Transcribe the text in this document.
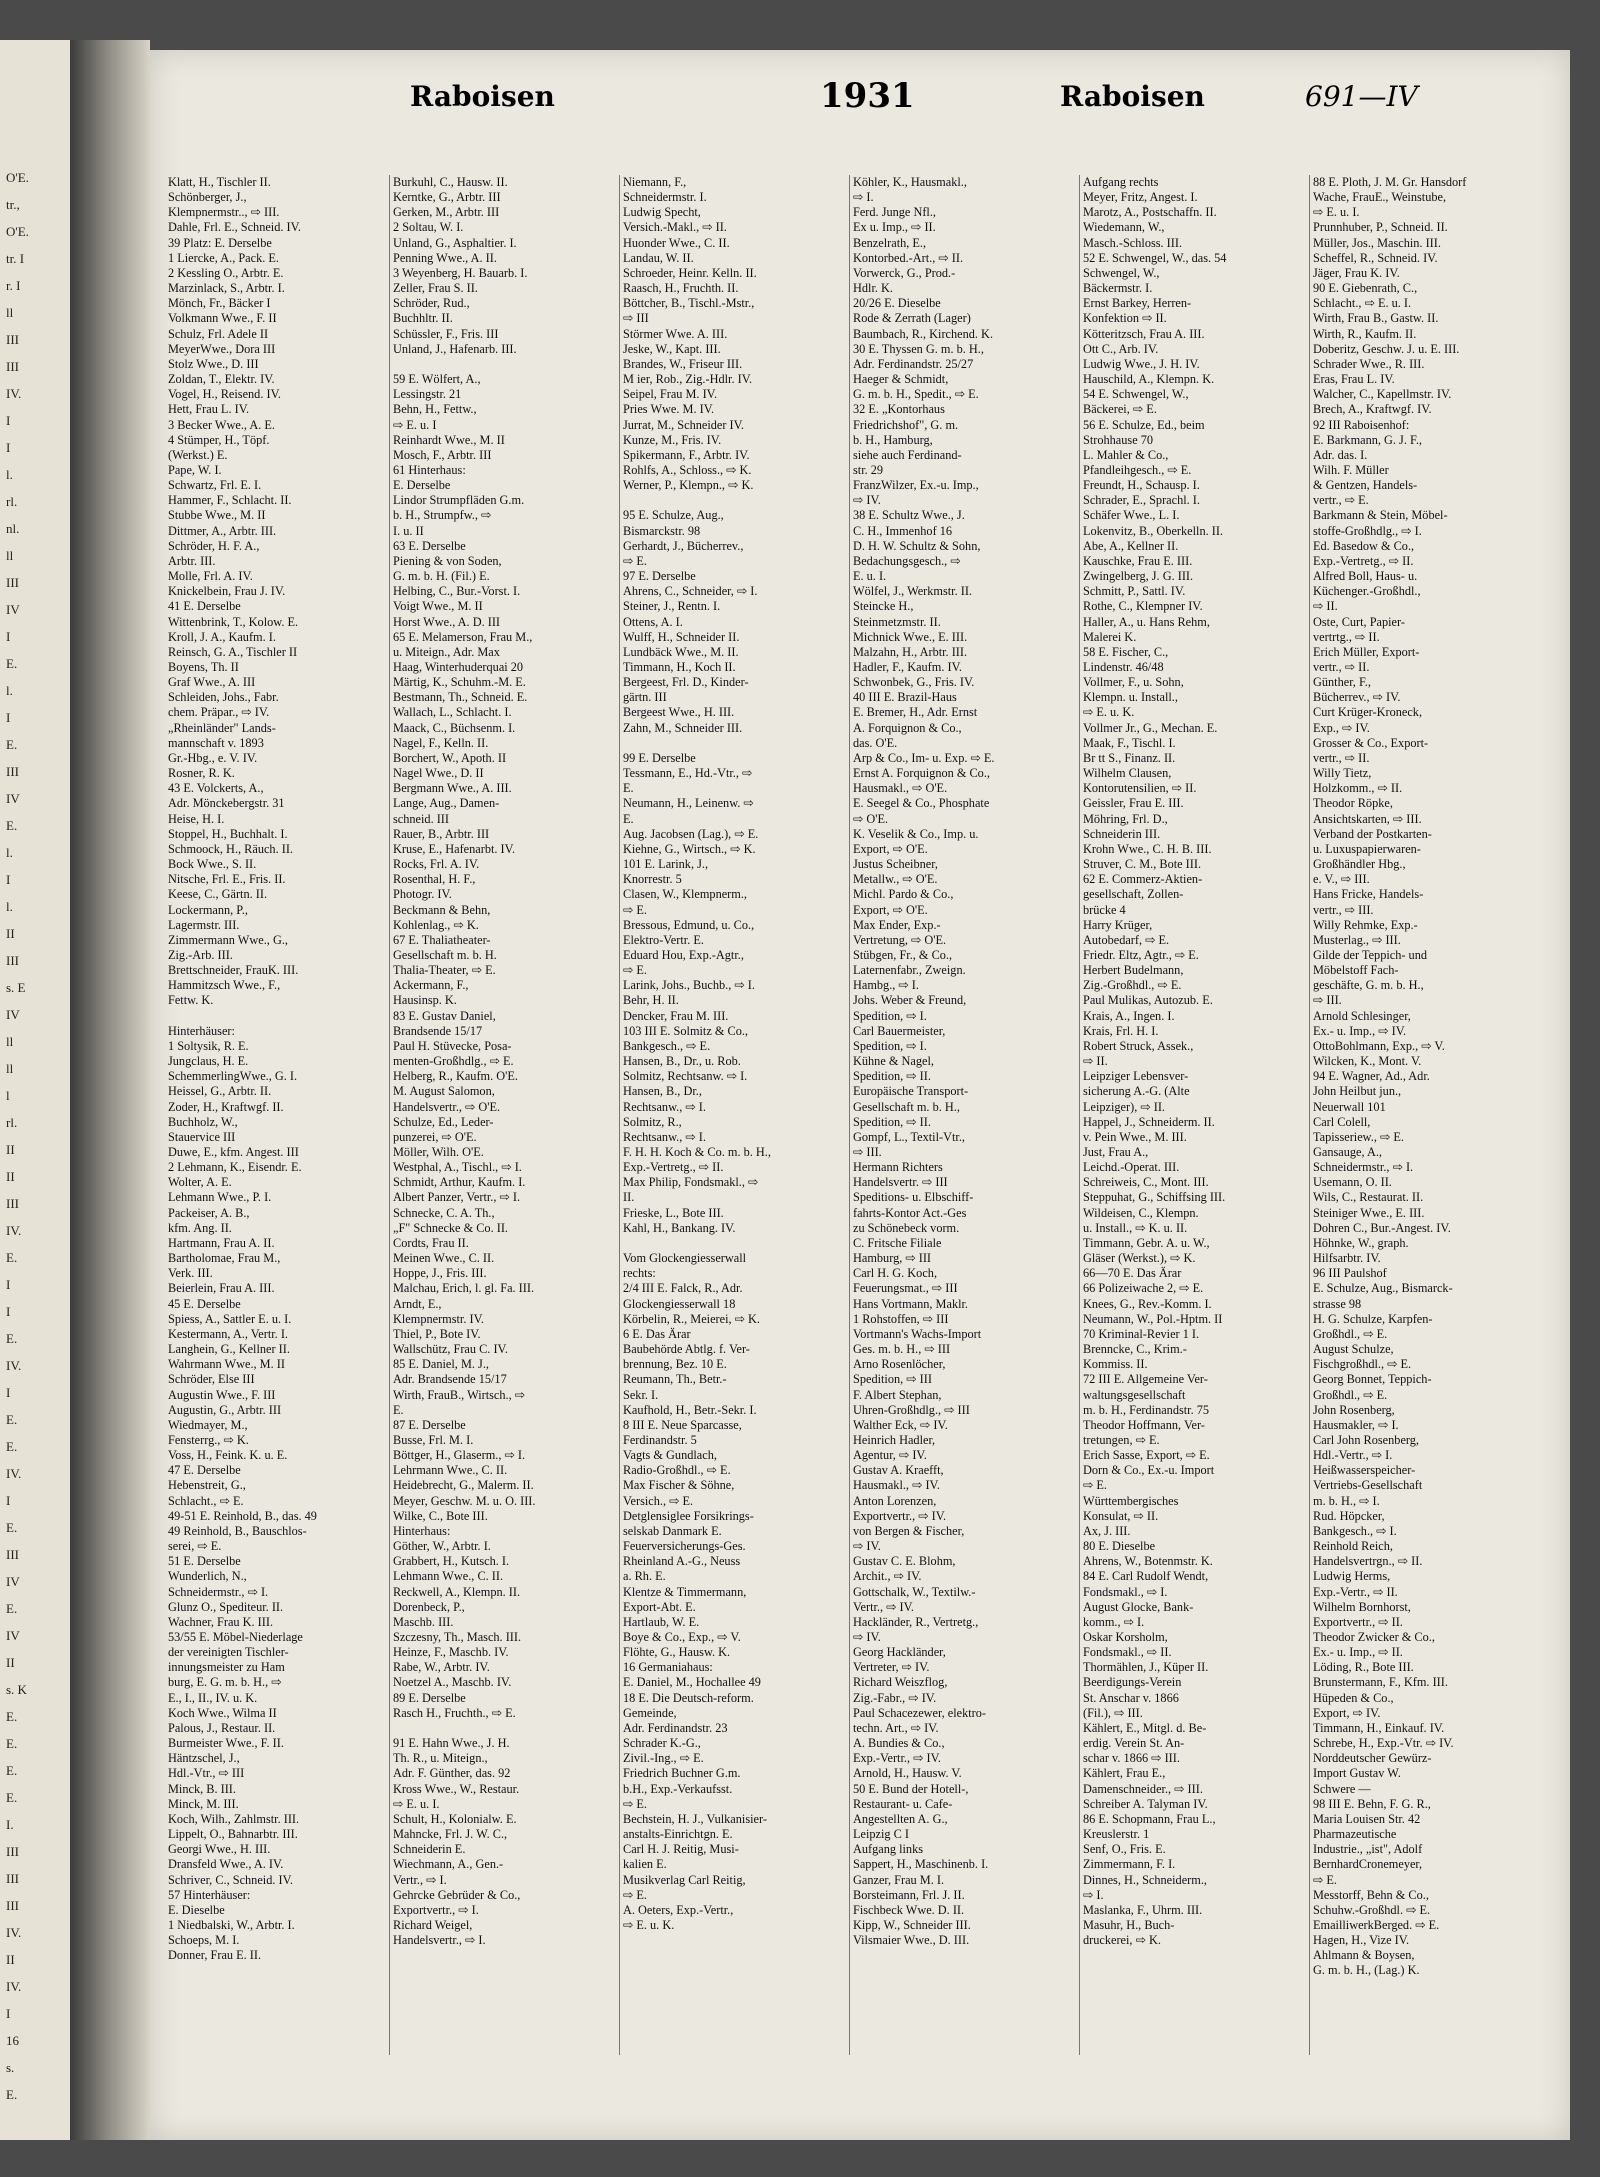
O'E.
tr.,
O'E.
tr. I
r. I
ll
III
III
IV.
I
I
l.
rl.
nl.
ll
III
IV
I
E.
l.
I
E.
III
IV
E.
l.
I
l.
II
III
s. E
IV
ll
ll
l
rl.
II
II
III
IV.
E.
I
I
E.
IV.
I
E.
E.
IV.
I
E.
III
IV
E.
IV
II
s. K
E.
E.
E.
E.
I.
III
III
III
IV.
II
IV.
I
16
s.
E.
Raboisen	1931	Raboisen	691—IV
Klatt, H., Tischler II.
Schönberger, J.,
Klempnermstr.., ⇨ III.
Dahle, Frl. E., Schneid. IV.
39 Platz: E. Derselbe
1 Liercke, A., Pack. E.
2 Kessling O., Arbtr. E.
Marzinlack, S., Arbtr. I.
Mönch, Fr., Bäcker I
Volkmann Wwe., F. II
Schulz, Frl. Adele II
MeyerWwe., Dora III
Stolz Wwe., D. III
Zoldan, T., Elektr. IV.
Vogel, H., Reisend. IV.
Hett, Frau L. IV.
3 Becker Wwe., A. E.
4 Stümper, H., Töpf.
(Werkst.) E.
Pape, W. I.
Schwartz, Frl. E. I.
Hammer, F., Schlacht. II.
Stubbe Wwe., M. II
Dittmer, A., Arbtr. III.
Schröder, H. F. A.,
Arbtr. III.
Molle, Frl. A. IV.
Knickelbein, Frau J. IV.
41 E. Derselbe
Wittenbrink, T., Kolow. E.
Kroll, J. A., Kaufm. I.
Reinsch, G. A., Tischler II
Boyens, Th. II
Graf Wwe., A. III
Schleiden, Johs., Fabr.
chem. Präpar., ⇨ IV.
„Rheinländer" Lands-
mannschaft v. 1893
Gr.-Hbg., e. V. IV.
Rosner, R. K.
43 E. Volckerts, A.,
Adr. Mönckebergstr. 31
Heise, H. I.
Stoppel, H., Buchhalt. I.
Schmoock, H., Räuch. II.
Bock Wwe., S. II.
Nitsche, Frl. E., Fris. II.
Keese, C., Gärtn. II.
Lockermann, P.,
Lagermstr. III.
Zimmermann Wwe., G.,
Zig.-Arb. III.
Brettschneider, FrauK. III.
Hammitzsch Wwe., F.,
Fettw. K.

Hinterhäuser:
1 Soltysik, R. E.
Jungclaus, H. E.
SchemmerlingWwe., G. I.
Heissel, G., Arbtr. II.
Zoder, H., Kraftwgf. II.
Buchholz, W.,
Stauervice III
Duwe, E., kfm. Angest. III
2 Lehmann, K., Eisendr. E.
Wolter, A. E.
Lehmann Wwe., P. I.
Packeiser, A. B.,
kfm. Ang. II.
Hartmann, Frau A. II.
Bartholomae, Frau M.,
Verk. III.
Beierlein, Frau A. III.
45 E. Derselbe
Spiess, A., Sattler E. u. I.
Kestermann, A., Vertr. I.
Langhein, G., Kellner II.
Wahrmann Wwe., M. II
Schröder, Else III
Augustin Wwe., F. III
Augustin, G., Arbtr. III
Wiedmayer, M.,
Fensterrg., ⇨ K.
Voss, H., Feink. K. u. E.
47 E. Derselbe
Hebenstreit, G.,
Schlacht., ⇨ E.
49-51 E. Reinhold, B., das. 49
49 Reinhold, B., Bauschlos-
serei, ⇨ E.
51 E. Derselbe
Wunderlich, N.,
Schneidermstr., ⇨ I.
Glunz O., Spediteur. II.
Wachner, Frau K. III.
53/55 E. Möbel-Niederlage
der vereinigten Tischler-
innungsmeister zu Ham
burg, E. G. m. b. H., ⇨
E., I., II., IV. u. K.
Koch Wwe., Wilma II
Palous, J., Restaur. II.
Burmeister Wwe., F. II.
Häntzschel, J.,
Hdl.-Vtr., ⇨ III
Minck, B. III.
Minck, M. III.
Koch, Wilh., Zahlmstr. III.
Lippelt, O., Bahnarbtr. III.
Georgi Wwe., H. III.
Dransfeld Wwe., A. IV.
Schriver, C., Schneid. IV.
57 Hinterhäuser:
E. Dieselbe
1 Niedbalski, W., Arbtr. I.
Schoeps, M. I.
Donner, Frau E. II.
Burkuhl, C., Hausw. II.
Kerntke, G., Arbtr. III
Gerken, M., Arbtr. III
2 Soltau, W. I.
Unland, G., Asphaltier. I.
Penning Wwe., A. II.
3 Weyenberg, H. Bauarb. I.
Zeller, Frau S. II.
Schröder, Rud.,
Buchhltr. II.
Schüssler, F., Fris. III
Unland, J., Hafenarb. III.

59 E. Wölfert, A.,
Lessingstr. 21
Behn, H., Fettw.,
⇨ E. u. I
Reinhardt Wwe., M. II
Mosch, F., Arbtr. III
61 Hinterhaus:
E. Derselbe
Lindor Strumpfläden G.m.
b. H., Strumpfw., ⇨
I. u. II
63 E. Derselbe
Piening & von Soden,
G. m. b. H. (Fil.) E.
Helbing, C., Bur.-Vorst. I.
Voigt Wwe., M. II
Horst Wwe., A. D. III
65 E. Melamerson, Frau M.,
u. Miteign., Adr. Max
Haag, Winterhuderquai 20
Märtig, K., Schuhm.-M. E.
Bestmann, Th., Schneid. E.
Wallach, L., Schlacht. I.
Maack, C., Büchsenm. I.
Nagel, F., Kelln. II.
Borchert, W., Apoth. II
Nagel Wwe., D. II
Bergmann Wwe., A. III.
Lange, Aug., Damen-
schneid. III
Rauer, B., Arbtr. III
Kruse, E., Hafenarbt. IV.
Rocks, Frl. A. IV.
Rosenthal, H. F.,
Photogr. IV.
Beckmann & Behn,
Kohlenlag., ⇨ K.
67 E. Thaliatheater-
Gesellschaft m. b. H.
Thalia-Theater, ⇨ E.
Ackermann, F.,
Hausinsp. K.
83 E. Gustav Daniel,
Brandsende 15/17
Paul H. Stüvecke, Posa-
menten-Großhdlg., ⇨ E.
Helberg, R., Kaufm. O'E.
M. August Salomon,
Handelsvertr., ⇨ O'E.
Schulze, Ed., Leder-
punzerei, ⇨ O'E.
Möller, Wilh. O'E.
Westphal, A., Tischl., ⇨ I.
Schmidt, Arthur, Kaufm. I.
Albert Panzer, Vertr., ⇨ I.
Schnecke, C. A. Th.,
„F" Schnecke & Co. II.
Cordts, Frau II.
Meinen Wwe., C. II.
Hoppe, J., Fris. III.
Malchau, Erich, l. gl. Fa. III.
Arndt, E.,
Klempnermstr. IV.
Thiel, P., Bote IV.
Wallschütz, Frau C. IV.
85 E. Daniel, M. J.,
Adr. Brandsende 15/17
Wirth, FrauB., Wirtsch., ⇨
E.
87 E. Derselbe
Busse, Frl. M. I.
Böttger, H., Glaserm., ⇨ I.
Lehrmann Wwe., C. II.
Heidebrecht, G., Malerm. II.
Meyer, Geschw. M. u. O. III.
Wilke, C., Bote III.
Hinterhaus:
Göther, W., Arbtr. I.
Grabbert, H., Kutsch. I.
Lehmann Wwe., C. II.
Reckwell, A., Klempn. II.
Dorenbeck, P.,
Maschb. III.
Szczesny, Th., Masch. III.
Heinze, F., Maschb. IV.
Rabe, W., Arbtr. IV.
Noetzel A., Maschb. IV.
89 E. Derselbe
Rasch H., Fruchth., ⇨ E.

91 E. Hahn Wwe., J. H.
Th. R., u. Miteign.,
Adr. F. Günther, das. 92
Kross Wwe., W., Restaur.
⇨ E. u. I.
Schult, H., Kolonialw. E.
Mahncke, Frl. J. W. C.,
Schneiderin E.
Wiechmann, A., Gen.-
Vertr., ⇨ I.
Gehrcke Gebrüder & Co.,
Exportvertr., ⇨ I.
Richard Weigel,
Handelsvertr., ⇨ I.
Niemann, F.,
Schneidermstr. I.
Ludwig Specht,
Versich.-Makl., ⇨ II.
Huonder Wwe., C. II.
Landau, W. II.
Schroeder, Heinr. Kelln. II.
Raasch, H., Fruchth. II.
Böttcher, B., Tischl.-Mstr.,
⇨ III
Störmer Wwe. A. III.
Jeske, W., Kapt. III.
Brandes, W., Friseur III.
M ier, Rob., Zig.-Hdlr. IV.
Seipel, Frau M. IV.
Pries Wwe. M. IV.
Jurrat, M., Schneider IV.
Kunze, M., Fris. IV.
Spikermann, F., Arbtr. IV.
Rohlfs, A., Schloss., ⇨ K.
Werner, P., Klempn., ⇨ K.

95 E. Schulze, Aug.,
Bismarckstr. 98
Gerhardt, J., Bücherrev.,
⇨ E.
97 E. Derselbe
Ahrens, C., Schneider, ⇨ I.
Steiner, J., Rentn. I.
Ottens, A. I.
Wulff, H., Schneider II.
Lundbäck Wwe., M. II.
Timmann, H., Koch II.
Bergeest, Frl. D., Kinder-
gärtn. III
Bergeest Wwe., H. III.
Zahn, M., Schneider III.

99 E. Derselbe
Tessmann, E., Hd.-Vtr., ⇨
E.
Neumann, H., Leinenw. ⇨
E.
Aug. Jacobsen (Lag.), ⇨ E.
Kiehne, G., Wirtsch., ⇨ K.
101 E. Larink, J.,
Knorrestr. 5
Clasen, W., Klempnerm.,
⇨ E.
Bressous, Edmund, u. Co.,
Elektro-Vertr. E.
Eduard Hou, Exp.-Agtr.,
⇨ E.
Larink, Johs., Buchb., ⇨ I.
Behr, H. II.
Dencker, Frau M. III.
103 III E. Solmitz & Co.,
Bankgesch., ⇨ E.
Hansen, B., Dr., u. Rob.
Solmitz, Rechtsanw. ⇨ I.
Hansen, B., Dr.,
Rechtsanw., ⇨ I.
Solmitz, R.,
Rechtsanw., ⇨ I.
F. H. H. Koch & Co. m. b. H.,
Exp.-Vertretg., ⇨ II.
Max Philip, Fondsmakl., ⇨
II.
Frieske, L., Bote III.
Kahl, H., Bankang. IV.

Vom Glockengiesserwall
rechts:
2/4 III E. Falck, R., Adr.
Glockengiesserwall 18
Körbelin, R., Meierei, ⇨ K.
6 E. Das Ärar
Baubehörde Abtlg. f. Ver-
brennung, Bez. 10 E.
Reumann, Th., Betr.-
Sekr. I.
Kaufhold, H., Betr.-Sekr. I.
8 III E. Neue Sparcasse,
Ferdinandstr. 5
Vagts & Gundlach,
Radio-Großhdl., ⇨ E.
Max Fischer & Söhne,
Versich., ⇨ E.
Detglensiglee Forsikrings-
selskab Danmark E.
Feuerversicherungs-Ges.
Rheinland A.-G., Neuss
a. Rh. E.
Klentze & Timmermann,
Export-Abt. E.
Hartlaub, W. E.
Boye & Co., Exp., ⇨ V.
Flöhte, G., Hausw. K.
16 Germaniahaus:
E. Daniel, M., Hochallee 49
18 E. Die Deutsch-reform.
Gemeinde,
Adr. Ferdinandstr. 23
Schrader K.-G.,
Zivil.-Ing., ⇨ E.
Friedrich Buchner G.m.
b.H., Exp.-Verkaufsst.
⇨ E.
Bechstein, H. J., Vulkanisier-
anstalts-Einrichtgn. E.
Carl H. J. Reitig, Musi-
kalien E.
Musikverlag Carl Reitig,
⇨ E.
A. Oeters, Exp.-Vertr.,
⇨ E. u. K.
Köhler, K., Hausmakl.,
⇨ I.
Ferd. Junge Nfl.,
Ex u. Imp., ⇨ II.
Benzelrath, E.,
Kontorbed.-Art., ⇨ II.
Vorwerck, G., Prod.-
Hdlr. K.
20/26 E. Dieselbe
Rode & Zerrath (Lager)
Baumbach, R., Kirchend. K.
30 E. Thyssen G. m. b. H.,
Adr. Ferdinandstr. 25/27
Haeger & Schmidt,
G. m. b. H., Spedit., ⇨ E.
32 E. „Kontorhaus
Friedrichshof", G. m.
b. H., Hamburg,
siehe auch Ferdinand-
str. 29
FranzWilzer, Ex.-u. Imp.,
⇨ IV.
38 E. Schultz Wwe., J.
C. H., Immenhof 16
D. H. W. Schultz & Sohn,
Bedachungsgesch., ⇨
E. u. I.
Wölfel, J., Werkmstr. II.
Steincke H.,
Steinmetzmstr. II.
Michnick Wwe., E. III.
Malzahn, H., Arbtr. III.
Hadler, F., Kaufm. IV.
Schwonbek, G., Fris. IV.
40 III E. Brazil-Haus
E. Bremer, H., Adr. Ernst
A. Forquignon & Co.,
das. O'E.
Arp & Co., Im- u. Exp. ⇨ E.
Ernst A. Forquignon & Co.,
Hausmakl., ⇨ O'E.
E. Seegel & Co., Phosphate
⇨ O'E.
K. Veselik & Co., Imp. u.
Export, ⇨ O'E.
Justus Scheibner,
Metallw., ⇨ O'E.
Michl. Pardo & Co.,
Export, ⇨ O'E.
Max Ender, Exp.-
Vertretung, ⇨ O'E.
Stübgen, Fr., & Co.,
Laternenfabr., Zweign.
Hambg., ⇨ I.
Johs. Weber & Freund,
Spedition, ⇨ I.
Carl Bauermeister,
Spedition, ⇨ I.
Kühne & Nagel,
Spedition, ⇨ II.
Europäische Transport-
Gesellschaft m. b. H.,
Spedition, ⇨ II.
Gompf, L., Textil-Vtr.,
⇨ III.
Hermann Richters
Handelsvertr. ⇨ III
Speditions- u. Elbschiff-
fahrts-Kontor Act.-Ges
zu Schönebeck vorm.
C. Fritsche Filiale
Hamburg, ⇨ III
Carl H. G. Koch,
Feuerungsmat., ⇨ III
Hans Vortmann, Maklr.
1 Rohstoffen, ⇨ III
Vortmann's Wachs-Import
Ges. m. b. H., ⇨ III
Arno Rosenlöcher,
Spedition, ⇨ III
F. Albert Stephan,
Uhren-Großhdlg., ⇨ III
Walther Eck, ⇨ IV.
Heinrich Hadler,
Agentur, ⇨ IV.
Gustav A. Kraefft,
Hausmakl., ⇨ IV.
Anton Lorenzen,
Exportvertr., ⇨ IV.
von Bergen & Fischer,
⇨ IV.
Gustav C. E. Blohm,
Archit., ⇨ IV.
Gottschalk, W., Textilw.-
Vertr., ⇨ IV.
Hackländer, R., Vertretg.,
⇨ IV.
Georg Hackländer,
Vertreter, ⇨ IV.
Richard Weiszflog,
Zig.-Fabr., ⇨ IV.
Paul Schacezewer, elektro-
techn. Art., ⇨ IV.
A. Bundies & Co.,
Exp.-Vertr., ⇨ IV.
Arnold, H., Hausw. V.
50 E. Bund der Hotell-,
Restaurant- u. Cafe-
Angestellten A. G.,
Leipzig C I
Aufgang links
Sappert, H., Maschinenb. I.
Ganzer, Frau M. I.
Borsteimann, Frl. J. II.
Fischbeck Wwe. D. II.
Kipp, W., Schneider III.
Vilsmaier Wwe., D. III.
Aufgang rechts
Meyer, Fritz, Angest. I.
Marotz, A., Postschaffn. II.
Wiedemann, W.,
Masch.-Schloss. III.
52 E. Schwengel, W., das. 54
Schwengel, W.,
Bäckermstr. I.
Ernst Barkey, Herren-
Konfektion ⇨ II.
Kötteritzsch, Frau A. III.
Ott C., Arb. IV.
Ludwig Wwe., J. H. IV.
Hauschild, A., Klempn. K.
54 E. Schwengel, W.,
Bäckerei, ⇨ E.
56 E. Schulze, Ed., beim
Strohhause 70
L. Mahler & Co.,
Pfandleihgesch., ⇨ E.
Freundt, H., Schausp. I.
Schrader, E., Sprachl. I.
Schäfer Wwe., L. I.
Lokenvitz, B., Oberkelln. II.
Abe, A., Kellner II.
Kauschke, Frau E. III.
Zwingelberg, J. G. III.
Schmitt, P., Sattl. IV.
Rothe, C., Klempner IV.
Haller, A., u. Hans Rehm,
Malerei K.
58 E. Fischer, C.,
Lindenstr. 46/48
Vollmer, F., u. Sohn,
Klempn. u. Install.,
⇨ E. u. K.
Vollmer Jr., G., Mechan. E.
Maak, F., Tischl. I.
Br tt S., Finanz. II.
Wilhelm Clausen,
Kontorutensilien, ⇨ II.
Geissler, Frau E. III.
Möhring, Frl. D.,
Schneiderin III.
Krohn Wwe., C. H. B. III.
Struver, C. M., Bote III.
62 E. Commerz-Aktien-
gesellschaft, Zollen-
brücke 4
Harry Krüger,
Autobedarf, ⇨ E.
Friedr. Eltz, Agtr., ⇨ E.
Herbert Budelmann,
Zig.-Großhdl., ⇨ E.
Paul Mulikas, Autozub. E.
Krais, A., Ingen. I.
Krais, Frl. H. I.
Robert Struck, Assek.,
⇨ II.
Leipziger Lebensver-
sicherung A.-G. (Alte
Leipziger), ⇨ II.
Happel, J., Schneiderm. II.
v. Pein Wwe., M. III.
Just, Frau A.,
Leichd.-Operat. III.
Schreiweis, C., Mont. III.
Steppuhat, G., Schiffsing III.
Wildeisen, C., Klempn.
u. Install., ⇨ K. u. II.
Timmann, Gebr. A. u. W.,
Gläser (Werkst.), ⇨ K.
66—70 E. Das Ärar
66 Polizeiwache 2, ⇨ E.
Knees, G., Rev.-Komm. I.
Neumann, W., Pol.-Hptm. II
70 Kriminal-Revier 1 I.
Brenncke, C., Krim.-
Kommiss. II.
72 III E. Allgemeine Ver-
waltungsgesellschaft
m. b. H., Ferdinandstr. 75
Theodor Hoffmann, Ver-
tretungen, ⇨ E.
Erich Sasse, Export, ⇨ E.
Dorn & Co., Ex.-u. Import
⇨ E.
Württembergisches
Konsulat, ⇨ II.
Ax, J. III.
80 E. Dieselbe
Ahrens, W., Botenmstr. K.
84 E. Carl Rudolf Wendt,
Fondsmakl., ⇨ I.
August Glocke, Bank-
komm., ⇨ I.
Oskar Korsholm,
Fondsmakl., ⇨ II.
Thormählen, J., Küper II.
Beerdigungs-Verein
St. Anschar v. 1866
(Fil.), ⇨ III.
Kählert, E., Mitgl. d. Be-
erdig. Verein St. An-
schar v. 1866 ⇨ III.
Kählert, Frau E.,
Damenschneider., ⇨ III.
Schreiber A. Talyman IV.
86 E. Schopmann, Frau L.,
Kreuslerstr. 1
Senf, O., Fris. E.
Zimmermann, F. I.
Dinnes, H., Schneiderm.,
⇨ I.
Maslanka, F., Uhrm. III.
Masuhr, H., Buch-
druckerei, ⇨ K.
88 E. Ploth, J. M. Gr. Hansdorf
Wache, FrauE., Weinstube,
⇨ E. u. I.
Prunnhuber, P., Schneid. II.
Müller, Jos., Maschin. III.
Scheffel, R., Schneid. IV.
Jäger, Frau K. IV.
90 E. Giebenrath, C.,
Schlacht., ⇨ E. u. I.
Wirth, Frau B., Gastw. II.
Wirth, R., Kaufm. II.
Doberitz, Geschw. J. u. E. III.
Schrader Wwe., R. III.
Eras, Frau L. IV.
Walcher, C., Kapellmstr. IV.
Brech, A., Kraftwgf. IV.
92 III Raboisenhof:
E. Barkmann, G. J. F.,
Adr. das. I.
Wilh. F. Müller
& Gentzen, Handels-
vertr., ⇨ E.
Barkmann & Stein, Möbel-
stoffe-Großhdlg., ⇨ I.
Ed. Basedow & Co.,
Exp.-Vertretg., ⇨ II.
Alfred Boll, Haus- u.
Küchenger.-Großhdl.,
⇨ II.
Oste, Curt, Papier-
vertrtg., ⇨ II.
Erich Müller, Export-
vertr., ⇨ II.
Günther, F.,
Bücherrev., ⇨ IV.
Curt Krüger-Kroneck,
Exp., ⇨ IV.
Grosser & Co., Export-
vertr., ⇨ II.
Willy Tietz,
Holzkomm., ⇨ II.
Theodor Röpke,
Ansichtskarten, ⇨ III.
Verband der Postkarten-
u. Luxuspapierwaren-
Großhändler Hbg.,
e. V., ⇨ III.
Hans Fricke, Handels-
vertr., ⇨ III.
Willy Rehmke, Exp.-
Musterlag., ⇨ III.
Gilde der Teppich- und
Möbelstoff Fach-
geschäfte, G. m. b. H.,
⇨ III.
Arnold Schlesinger,
Ex.- u. Imp., ⇨ IV.
OttoBohlmann, Exp., ⇨ V.
Wilcken, K., Mont. V.
94 E. Wagner, Ad., Adr.
John Heilbut jun.,
Neuerwall 101
Carl Colell,
Tapisseriew., ⇨ E.
Gansauge, A.,
Schneidermstr., ⇨ I.
Usemann, O. II.
Wils, C., Restaurat. II.
Steiniger Wwe., E. III.
Dohren C., Bur.-Angest. IV.
Höhnke, W., graph.
Hilfsarbtr. IV.
96 III Paulshof
E. Schulze, Aug., Bismarck-
strasse 98
H. G. Schulze, Karpfen-
Großhdl., ⇨ E.
August Schulze,
Fischgroßhdl., ⇨ E.
Georg Bonnet, Teppich-
Großhdl., ⇨ E.
John Rosenberg,
Hausmakler, ⇨ I.
Carl John Rosenberg,
Hdl.-Vertr., ⇨ I.
Heißwasserspeicher-
Vertriebs-Gesellschaft
m. b. H., ⇨ I.
Rud. Höpcker,
Bankgesch., ⇨ I.
Reinhold Reich,
Handelsvertrgn., ⇨ II.
Ludwig Herms,
Exp.-Vertr., ⇨ II.
Wilhelm Bornhorst,
Exportvertr., ⇨ II.
Theodor Zwicker & Co.,
Ex.- u. Imp., ⇨ II.
Löding, R., Bote III.
Brunstermann, F., Kfm. III.
Hüpeden & Co.,
Export, ⇨ IV.
Timmann, H., Einkauf. IV.
Schrebe, H., Exp.-Vtr. ⇨ IV.
Norddeutscher Gewürz-
Import Gustav W.
Schwere —
98 III E. Behn, F. G. R.,
Maria Louisen Str. 42
Pharmazeutische
Industrie., „ist", Adolf
BernhardCronemeyer,
⇨ E.
Messtorff, Behn & Co.,
Schuhw.-Großhdl. ⇨ E.
EmailliwerkBerged. ⇨ E.
Hagen, H., Vize IV.
Ahlmann & Boysen,
G. m. b. H., (Lag.) K.
